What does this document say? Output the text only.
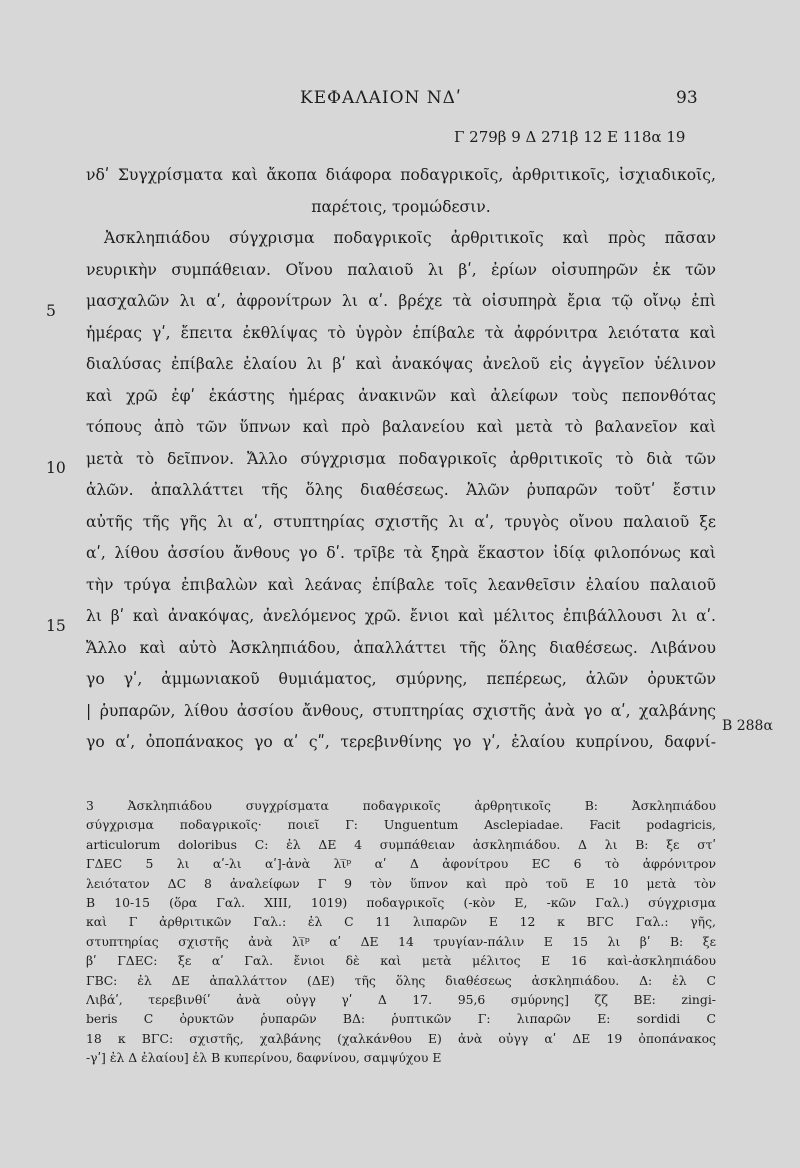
ΚΕΦΑΛΑΙΟΝ ΝΔʹ	93
Γ 279β 9 Δ 271β 12 Ε 118α 19
5
10
15
B 288α
νδʹ Συγχρίσματα καὶ ἄκοπα διάφορα ποδαγρικοῖς, ἀρθριτικοῖς, ἰσχιαδικοῖς,
παρέτοις, τρομώδεσιν.
Ἀσκληπιάδου σύγχρισμα ποδαγρικοῖς ἀρθριτικοῖς καὶ πρὸς πᾶσαν
νευρικὴν συμπάθειαν. Οἴνου παλαιοῦ λι βʹ, ἐρίων οἰσυπηρῶν ἐκ τῶν
μασχαλῶν λι αʹ, ἀφρονίτρων λι αʹ. βρέχε τὰ οἰσυπηρὰ ἔρια τῷ οἴνῳ ἐπὶ
ἡμέρας γʹ, ἔπειτα ἐκθλίψας τὸ ὑγρὸν ἐπίβαλε τὰ ἀφρόνιτρα λειότατα καὶ
διαλύσας ἐπίβαλε ἐλαίου λι βʹ καὶ ἀνακόψας ἀνελοῦ εἰς ἀγγεῖον ὑέλινον
καὶ χρῶ ἐφʹ ἑκάστης ἡμέρας ἀνακινῶν καὶ ἀλείφων τοὺς πεπονθότας
τόπους ἀπὸ τῶν ὕπνων καὶ πρὸ βαλανείου καὶ μετὰ τὸ βαλανεῖον καὶ
μετὰ τὸ δεῖπνον. Ἄλλο σύγχρισμα ποδαγρικοῖς ἀρθριτικοῖς τὸ διὰ τῶν
ἁλῶν. ἀπαλλάττει τῆς ὅλης διαθέσεως. Ἁλῶν ῥυπαρῶν τοῦτʹ ἔστιν
αὐτῆς τῆς γῆς λι αʹ, στυπτηρίας σχιστῆς λι αʹ, τρυγὸς οἴνου παλαιοῦ ξε
αʹ, λίθου ἀσσίου ἄνθους γο δʹ. τρῖβε τὰ ξηρὰ ἕκαστον ἰδίᾳ φιλοπόνως καὶ
τὴν τρύγα ἐπιβαλὼν καὶ λεάνας ἐπίβαλε τοῖς λεανθεῖσιν ἐλαίου παλαιοῦ
λι βʹ καὶ ἀνακόψας, ἀνελόμενος χρῶ. ἔνιοι καὶ μέλιτος ἐπιβάλλουσι λι αʹ.
Ἄλλο καὶ αὐτὸ Ἀσκληπιάδου, ἀπαλλάττει τῆς ὅλης διαθέσεως. Λιβάνου
γο γʹ, ἀμμωνιακοῦ θυμιάματος, σμύρνης, πεπέρεως, ἁλῶν ὀρυκτῶν
| ῥυπαρῶν, λίθου ἀσσίου ἄνθους, στυπτηρίας σχιστῆς ἀνὰ γο αʹ, χαλβάνης
γο αʹ, ὀποπάνακος γο αʹ ςʺ, τερεβινθίνης γο γʹ, ἐλαίου κυπρίνου, δαφνί-
3 Ἀσκληπιάδου συγχρίσματα ποδαγρικοῖς ἀρθρητικοῖς Β: Ἀσκληπιάδου
σύγχρισμα ποδαγρικοῖς· ποιεῖ Γ: Unguentum Asclepiadae. Facit podagricis,
articulorum doloribus C: ἐλ ΔΕ 4 συμπάθειαν ἀσκληπιάδου. Δ λι Β: ξε στʹ
ΓΔΕC 5 λι αʹ-λι αʹ]-ἀνὰ λι̅ᵖ αʹ Δ ἀφονίτρου EC 6 τὸ ἀφρόνιτρον
λειότατον ΔC 8 ἀναλείφων Γ 9 τὸν ὕπνον καὶ πρὸ τοῦ Ε 10 μετὰ τὸν
B 10-15 (ὅρα Γαλ. XIII, 1019) ποδαγρικοῖς (-κὸν Ε, -κῶν Γαλ.) σύγχρισμα
καὶ Γ ἀρθριτικῶν Γαλ.: ἐλ C 11 λιπαρῶν Ε 12 κ ΒΓC Γαλ.: γῆς,
στυπτηρίας σχιστῆς ἀνὰ λι̅ᵖ αʹ ΔΕ 14 τρυγίαν-πάλιν Ε 15 λι βʹ Β: ξε
βʹ ΓΔΕC: ξε αʹ Γαλ. ἔνιοι δὲ καὶ μετὰ μέλιτος Ε 16 καὶ-ἀσκληπιάδου
ΓΒC: ἐλ ΔΕ ἀπαλλάττον (ΔΕ) τῆς ὅλης διαθέσεως ἀσκληπιάδου. Δ: ἐλ C
Λιβάʹ, τερεβινθίʹ ἀνὰ οὐγγ γʹ Δ 17. 95,6 σμύρνης] ζζ ΒΕ: zingi-
beris C ὀρυκτῶν ῥυπαρῶν ΒΔ: ῥυπτικῶν Γ: λιπαρῶν Ε: sordidi C
18 κ ΒΓC: σχιστῆς, χαλβάνης (χαλκάνθου Ε) ἀνὰ οὐγγ αʹ ΔΕ 19 ὀποπάνακος
-γʹ] ἐλ Δ ἐλαίου] ἐλ Β κυπερίνου, δαφνίνου, σαμψύχου Ε
